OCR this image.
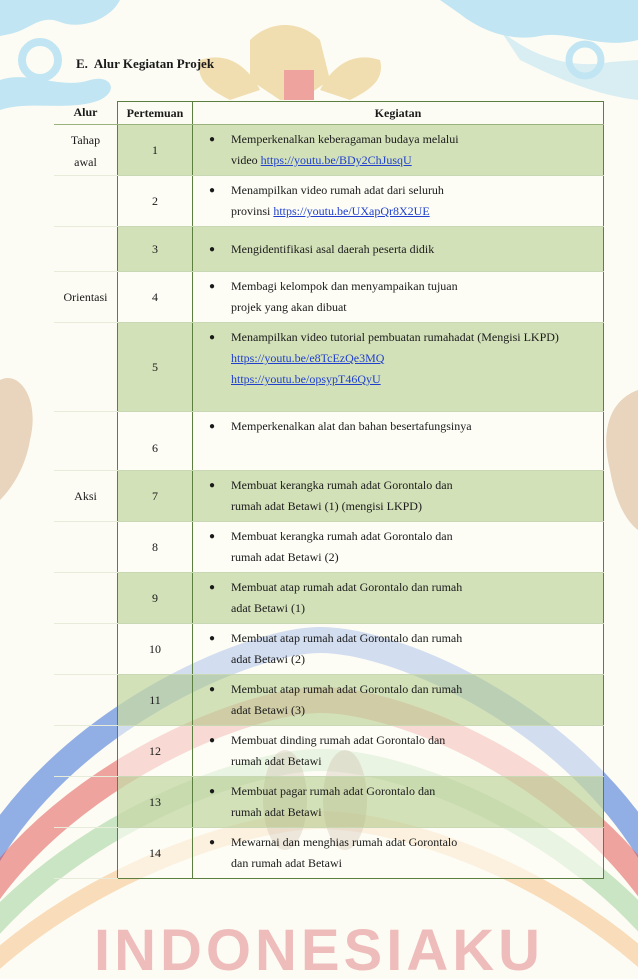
INDONESIAKU
E. Alur Kegiatan Projek
Alur	Pertemuan	Kegiatan

Tahap
awal	1	● Memperkenalkan keberagaman budaya melalui
video https://youtu.be/BDy2ChJusqU

	2	● Menampilkan video rumah adat dari seluruh
provinsi https://youtu.be/UXapQr8X2UE

	3	● Mengidentifikasi asal daerah peserta didik

Orientasi	4	● Membagi kelompok dan menyampaikan tujuan
projek yang akan dibuat

	5	● Menampilkan video tutorial pembuatan rumahadat (Mengisi LKPD)
https://youtu.be/e8TcEzQe3MQ
https://youtu.be/opsypT46QyU

	6	● Memperkenalkan alat dan bahan besertafungsinya

Aksi	7	● Membuat kerangka rumah adat Gorontalo dan
rumah adat Betawi (1) (mengisi LKPD)

	8	● Membuat kerangka rumah adat Gorontalo dan
rumah adat Betawi (2)

	9	● Membuat atap rumah adat Gorontalo dan rumah
adat Betawi (1)

	10	● Membuat atap rumah adat Gorontalo dan rumah
adat Betawi (2)

	11	● Membuat atap rumah adat Gorontalo dan rumah
adat Betawi (3)

	12	● Membuat dinding rumah adat Gorontalo dan
rumah adat Betawi

	13	● Membuat pagar rumah adat Gorontalo dan
rumah adat Betawi

	14	● Mewarnai dan menghias rumah adat Gorontalo
dan rumah adat Betawi
